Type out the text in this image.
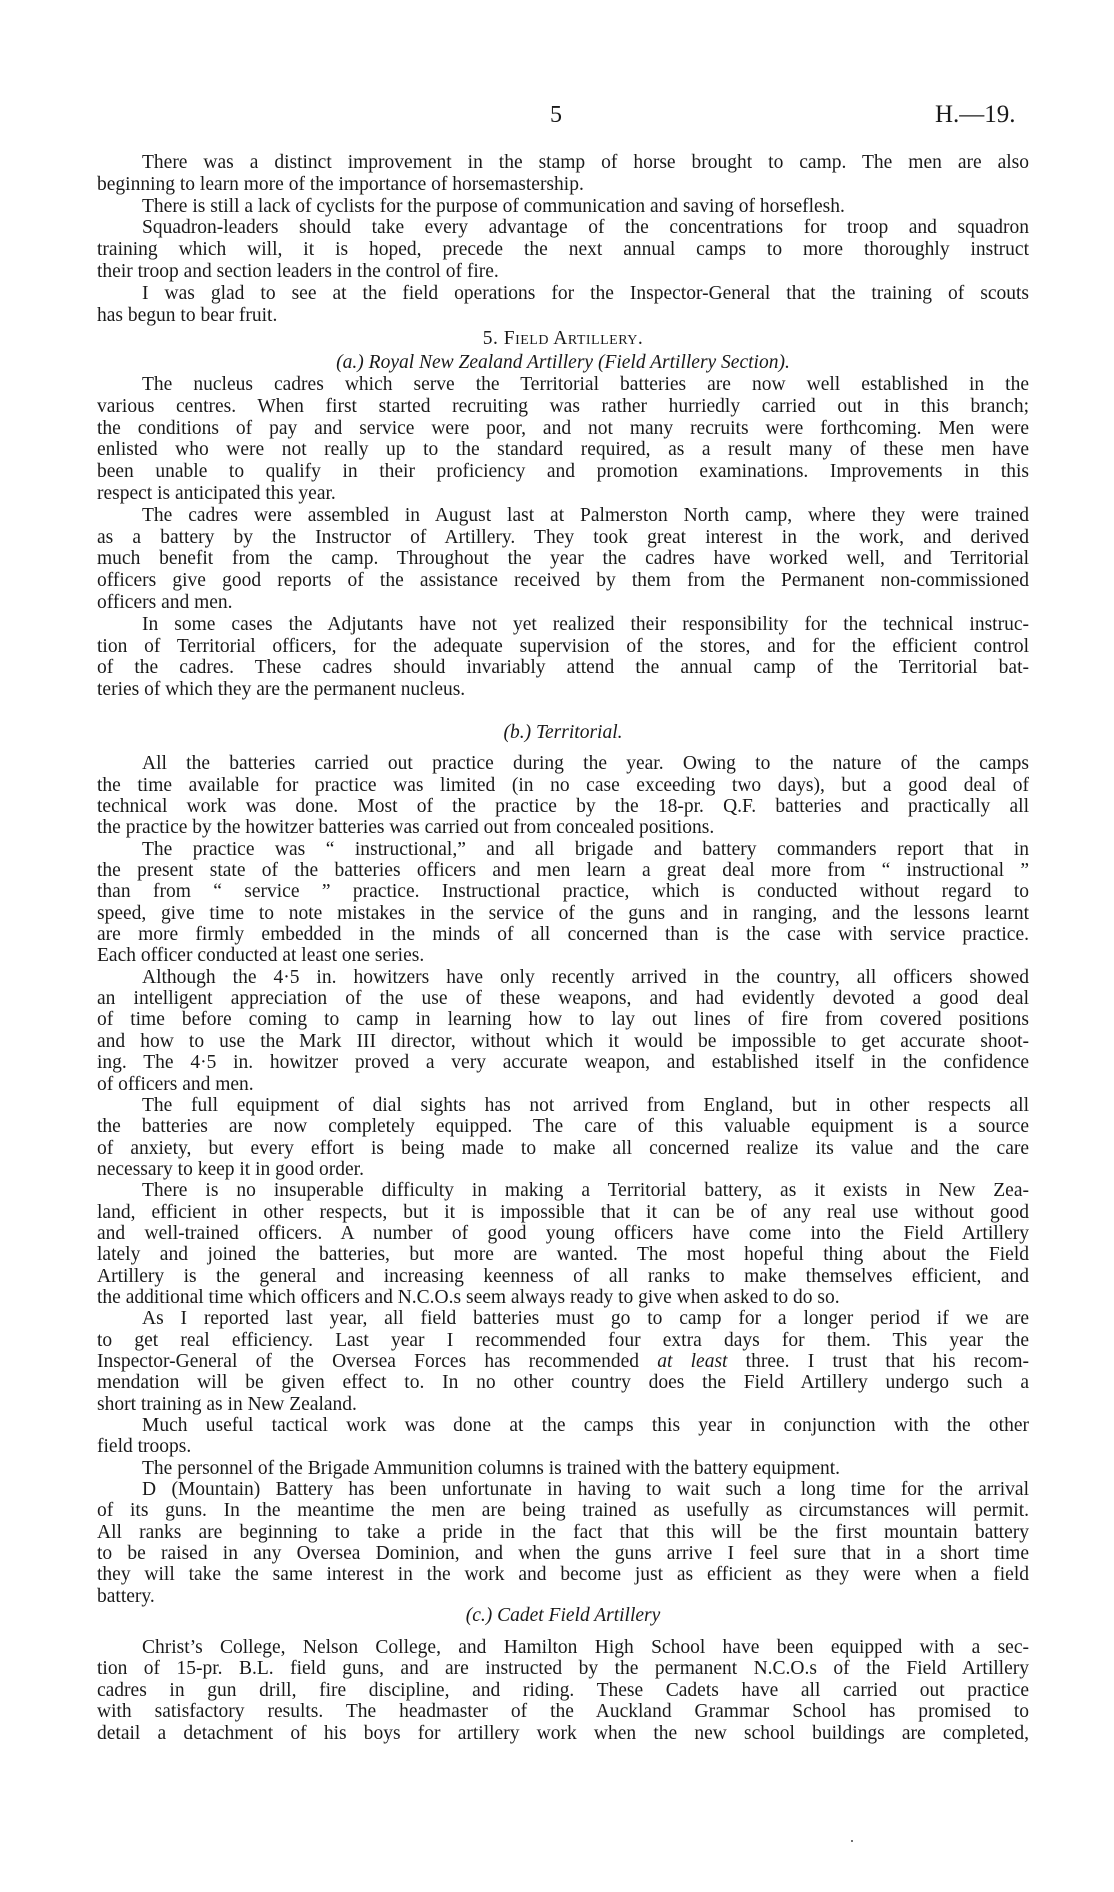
5	H.—19.
There was a distinct improvement in the stamp of horse brought to camp. The men are also
beginning to learn more of the importance of horsemastership.
There is still a lack of cyclists for the purpose of communication and saving of horseflesh.
Squadron-leaders should take every advantage of the concentrations for troop and squadron
training which will, it is hoped, precede the next annual camps to more thoroughly instruct
their troop and section leaders in the control of fire.
I was glad to see at the field operations for the Inspector-General that the training of scouts
has begun to bear fruit.
5. Field Artillery.
(a.) Royal New Zealand Artillery (Field Artillery Section).
The nucleus cadres which serve the Territorial batteries are now well established in the
various centres. When first started recruiting was rather hurriedly carried out in this branch;
the conditions of pay and service were poor, and not many recruits were forthcoming. Men were
enlisted who were not really up to the standard required, as a result many of these men have
been unable to qualify in their proficiency and promotion examinations. Improvements in this
respect is anticipated this year.
The cadres were assembled in August last at Palmerston North camp, where they were trained
as a battery by the Instructor of Artillery. They took great interest in the work, and derived
much benefit from the camp. Throughout the year the cadres have worked well, and Territorial
officers give good reports of the assistance received by them from the Permanent non-commissioned
officers and men.
In some cases the Adjutants have not yet realized their responsibility for the technical instruc-
tion of Territorial officers, for the adequate supervision of the stores, and for the efficient control
of the cadres. These cadres should invariably attend the annual camp of the Territorial bat-
teries of which they are the permanent nucleus.
(b.) Territorial.
All the batteries carried out practice during the year. Owing to the nature of the camps
the time available for practice was limited (in no case exceeding two days), but a good deal of
technical work was done. Most of the practice by the 18-pr. Q.F. batteries and practically all
the practice by the howitzer batteries was carried out from concealed positions.
The practice was “ instructional,” and all brigade and battery commanders report that in
the present state of the batteries officers and men learn a great deal more from “ instructional ”
than from “ service ” practice. Instructional practice, which is conducted without regard to
speed, give time to note mistakes in the service of the guns and in ranging, and the lessons learnt
are more firmly embedded in the minds of all concerned than is the case with service practice.
Each officer conducted at least one series.
Although the 4·5 in. howitzers have only recently arrived in the country, all officers showed
an intelligent appreciation of the use of these weapons, and had evidently devoted a good deal
of time before coming to camp in learning how to lay out lines of fire from covered positions
and how to use the Mark III director, without which it would be impossible to get accurate shoot-
ing. The 4·5 in. howitzer proved a very accurate weapon, and established itself in the confidence
of officers and men.
The full equipment of dial sights has not arrived from England, but in other respects all
the batteries are now completely equipped. The care of this valuable equipment is a source
of anxiety, but every effort is being made to make all concerned realize its value and the care
necessary to keep it in good order.
There is no insuperable difficulty in making a Territorial battery, as it exists in New Zea-
land, efficient in other respects, but it is impossible that it can be of any real use without good
and well-trained officers. A number of good young officers have come into the Field Artillery
lately and joined the batteries, but more are wanted. The most hopeful thing about the Field
Artillery is the general and increasing keenness of all ranks to make themselves efficient, and
the additional time which officers and N.C.O.s seem always ready to give when asked to do so.
As I reported last year, all field batteries must go to camp for a longer period if we are
to get real efficiency. Last year I recommended four extra days for them. This year the
Inspector-General of the Oversea Forces has recommended at least three. I trust that his recom-
mendation will be given effect to. In no other country does the Field Artillery undergo such a
short training as in New Zealand.
Much useful tactical work was done at the camps this year in conjunction with the other
field troops.
The personnel of the Brigade Ammunition columns is trained with the battery equipment.
D (Mountain) Battery has been unfortunate in having to wait such a long time for the arrival
of its guns. In the meantime the men are being trained as usefully as circumstances will permit.
All ranks are beginning to take a pride in the fact that this will be the first mountain battery
to be raised in any Oversea Dominion, and when the guns arrive I feel sure that in a short time
they will take the same interest in the work and become just as efficient as they were when a field
battery.
(c.) Cadet Field Artillery
Christ’s College, Nelson College, and Hamilton High School have been equipped with a sec-
tion of 15-pr. B.L. field guns, and are instructed by the permanent N.C.O.s of the Field Artillery
cadres in gun drill, fire discipline, and riding. These Cadets have all carried out practice
with satisfactory results. The headmaster of the Auckland Grammar School has promised to
detail a detachment of his boys for artillery work when the new school buildings are completed,
